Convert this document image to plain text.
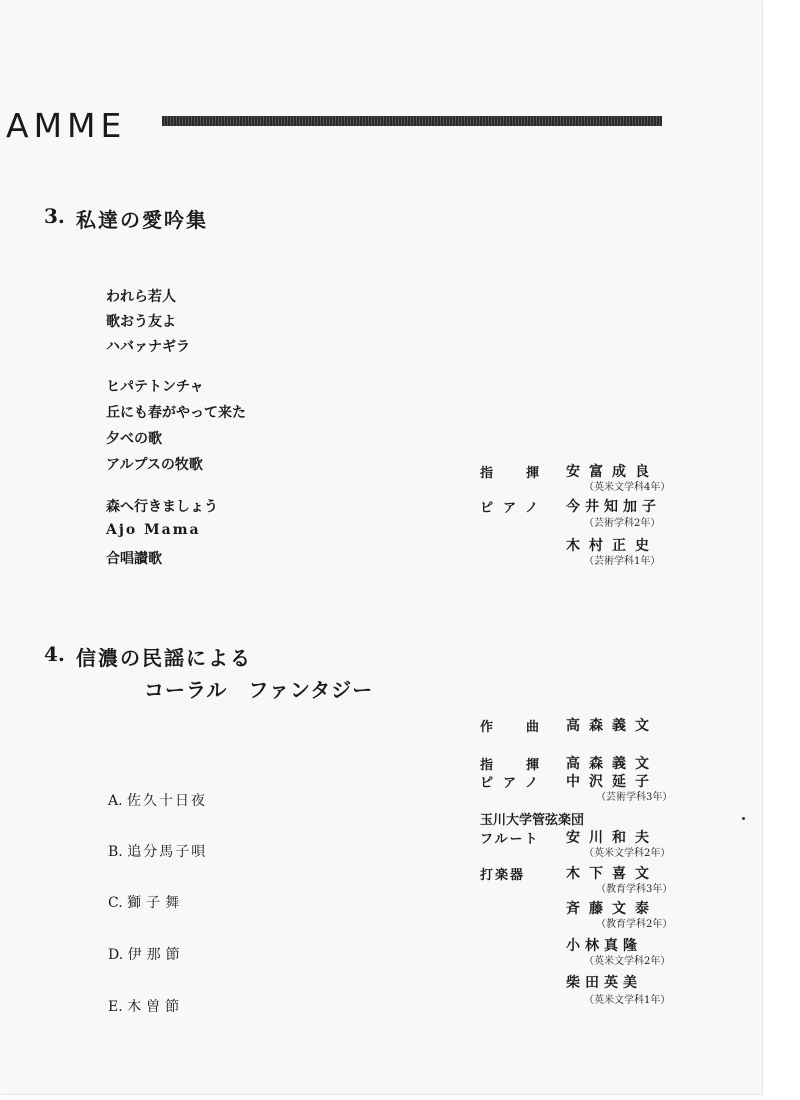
AMME
3. 私達の愛吟集
われら若人
歌おう友よ
ハバァナギラ
ヒパテトンチャ
丘にも春がやって来た
夕べの歌
アルプスの牧歌
森へ行きましょう
Ajo Mama
合唱讃歌
指　揮 安富成良
（英米文学科4年）
ピアノ 今井知加子
（芸術学科2年）
木村正史
（芸術学科1年）
4. 信濃の民謡による
コーラル　ファンタジー
作　曲 高森義文
指　揮 高森義文
ピアノ 中沢延子
（芸術学科3年）
玉川大学管弦楽団
フルート 安川和夫
（英米文学科2年）
打楽器	木下喜文
（教育学科3年）
斉藤文泰
（教育学科2年）
小林真隆
（英米文学科2年）
柴田英美
（英米文学科1年）
A. 佐久十日夜
B. 追分馬子唄
C. 獅子舞
D. 伊那節
E. 木曽節
